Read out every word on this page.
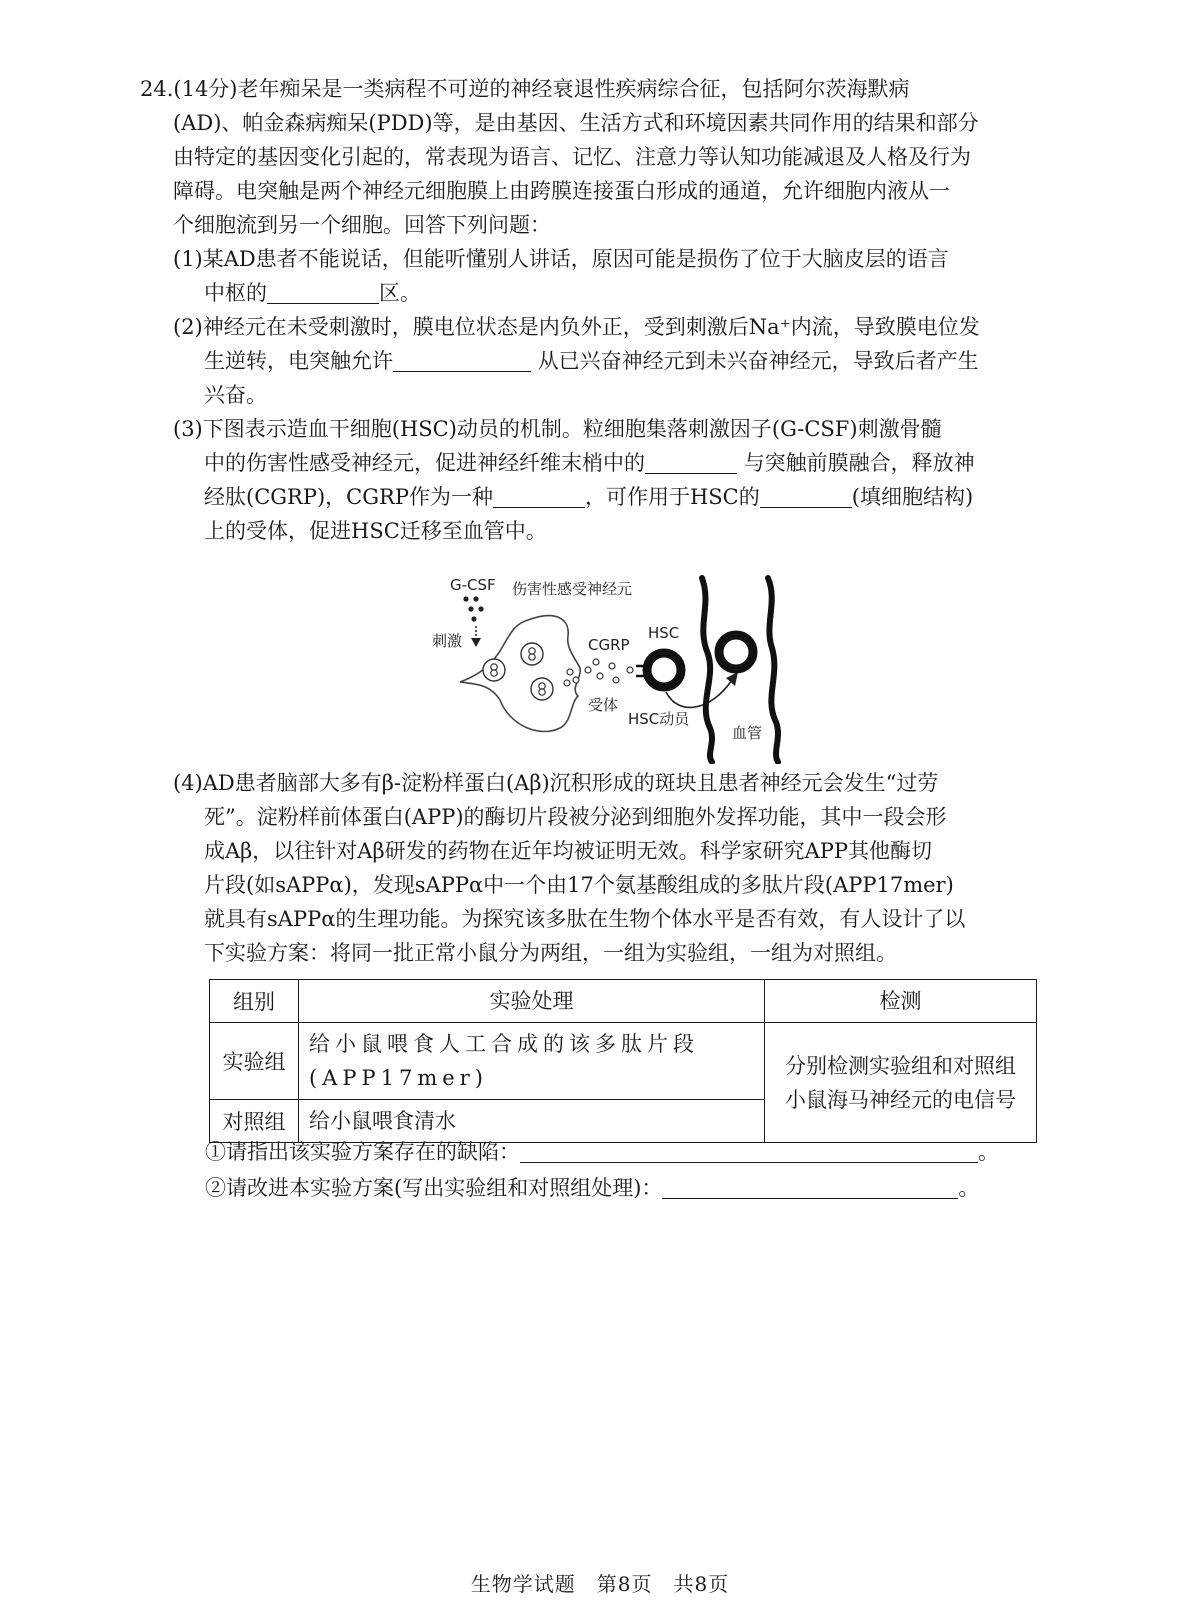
24.(14分)老年痴呆是一类病程不可逆的神经衰退性疾病综合征，包括阿尔茨海默病

(AD)、帕金森病痴呆(PDD)等，是由基因、生活方式和环境因素共同作用的结果和部分

由特定的基因变化引起的，常表现为语言、记忆、注意力等认知功能减退及人格及行为

障碍。电突触是两个神经元细胞膜上由跨膜连接蛋白形成的通道，允许细胞内液从一

个细胞流到另一个细胞。回答下列问题：

(1)某AD患者不能说话，但能听懂别人讲话，原因可能是损伤了位于大脑皮层的语言

中枢的	区。

(2)神经元在未受刺激时，膜电位状态是内负外正，受到刺激后Na⁺内流，导致膜电位发

生逆转，电突触允许	从已兴奋神经元到未兴奋神经元，导致后者产生

兴奋。

(3)下图表示造血干细胞(HSC)动员的机制。粒细胞集落刺激因子(G-CSF)刺激骨髓

中的伤害性感受神经元，促进神经纤维末梢中的	与突触前膜融合，释放神

经肽(CGRP)，CGRP作为一种	，可作用于HSC的	(填细胞结构)

上的受体，促进HSC迁移至血管中。

G-CSF 伤害性感受神经元
刺激	CGRP
受体
HSC
HSC动员
血管

(4)AD患者脑部大多有β-淀粉样蛋白(Aβ)沉积形成的斑块且患者神经元会发生“过劳

死”。淀粉样前体蛋白(APP)的酶切片段被分泌到细胞外发挥功能，其中一段会形

成Aβ，以往针对Aβ研发的药物在近年均被证明无效。科学家研究APP其他酶切

片段(如sAPPα)，发现sAPPα中一个由17个氨基酸组成的多肽片段(APP17mer)

就具有sAPPα的生理功能。为探究该多肽在生物个体水平是否有效，有人设计了以

下实验方案：将同一批正常小鼠分为两组，一组为实验组，一组为对照组。

组别	实验处理	检测
实验组	给小鼠喂食人工合成的该多肽片段(APP17mer)	分别检测实验组和对照组小鼠海马神经元的电信号
对照组	给小鼠喂食清水	
①请指出该实验方案存在的缺陷：	。
②请改进本实验方案(写出实验组和对照组处理)：	。
生物学试题　第8页　共8页
